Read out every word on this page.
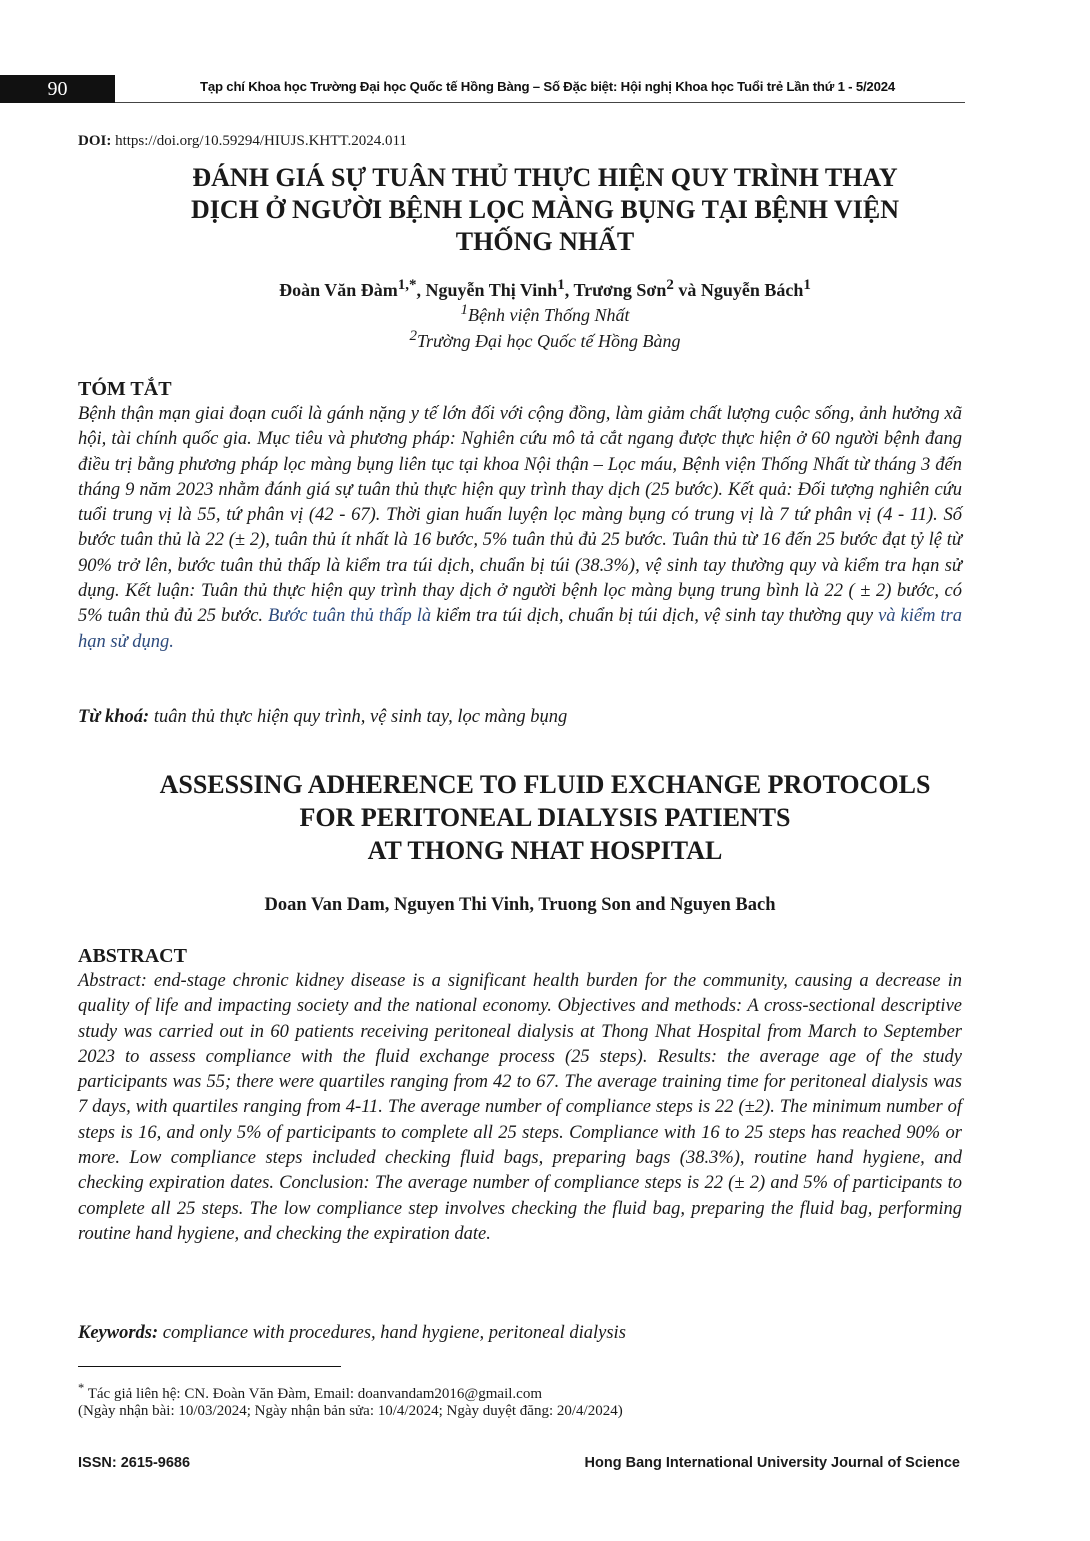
90	Tạp chí Khoa học Trường Đại học Quốc tế Hồng Bàng – Số Đặc biệt: Hội nghị Khoa học Tuổi trẻ Lần thứ 1 - 5/2024
DOI: https://doi.org/10.59294/HIUJS.KHTT.2024.011
ĐÁNH GIÁ SỰ TUÂN THỦ THỰC HIỆN QUY TRÌNH THAY
DỊCH Ở NGƯỜI BỆNH LỌC MÀNG BỤNG TẠI BỆNH VIỆN
THỐNG NHẤT
Đoàn Văn Đàm$^{1,*}$, Nguyễn Thị Vinh$^1$, Trương Sơn$^2$ và Nguyễn Bách$^1$
$^1$Bệnh viện Thống Nhất
$^2$Trường Đại học Quốc tế Hồng Bàng
TÓM TẮT
Bệnh thận mạn giai đoạn cuối là gánh nặng y tế lớn đối với cộng đồng, làm giảm chất lượng cuộc sống, ảnh hưởng xã hội, tài chính quốc gia. Mục tiêu và phương pháp: Nghiên cứu mô tả cắt ngang được thực hiện ở 60 người bệnh đang điều trị bằng phương pháp lọc màng bụng liên tục tại khoa Nội thận – Lọc máu, Bệnh viện Thống Nhất từ tháng 3 đến tháng 9 năm 2023 nhằm đánh giá sự tuân thủ thực hiện quy trình thay dịch (25 bước). Kết quả: Đối tượng nghiên cứu tuổi trung vị là 55, tứ phân vị (42 - 67). Thời gian huấn luyện lọc màng bụng có trung vị là 7 tứ phân vị (4 - 11). Số bước tuân thủ là 22 (± 2), tuân thủ ít nhất là 16 bước, 5% tuân thủ đủ 25 bước. Tuân thủ từ 16 đến 25 bước đạt tỷ lệ từ 90% trở lên, bước tuân thủ thấp là kiểm tra túi dịch, chuẩn bị túi (38.3%), vệ sinh tay thường quy và kiểm tra hạn sử dụng. Kết luận: Tuân thủ thực hiện quy trình thay dịch ở người bệnh lọc màng bụng trung bình là 22 ( ± 2) bước, có 5% tuân thủ đủ 25 bước. Bước tuân thủ thấp là kiểm tra túi dịch, chuẩn bị túi dịch, vệ sinh tay thường quy và kiểm tra hạn sử dụng.
Từ khoá: tuân thủ thực hiện quy trình, vệ sinh tay, lọc màng bụng
ASSESSING ADHERENCE TO FLUID EXCHANGE PROTOCOLS
FOR PERITONEAL DIALYSIS PATIENTS
AT THONG NHAT HOSPITAL
Doan Van Dam, Nguyen Thi Vinh, Truong Son and Nguyen Bach
ABSTRACT
Abstract: end-stage chronic kidney disease is a significant health burden for the community, causing a decrease in quality of life and impacting society and the national economy. Objectives and methods: A cross-sectional descriptive study was carried out in 60 patients receiving peritoneal dialysis at Thong Nhat Hospital from March to September 2023 to assess compliance with the fluid exchange process (25 steps). Results: the average age of the study participants was 55; there were quartiles ranging from 42 to 67. The average training time for peritoneal dialysis was 7 days, with quartiles ranging from 4-11. The average number of compliance steps is 22 (±2). The minimum number of steps is 16, and only 5% of participants to complete all 25 steps. Compliance with 16 to 25 steps has reached 90% or more. Low compliance steps included checking fluid bags, preparing bags (38.3%), routine hand hygiene, and checking expiration dates. Conclusion: The average number of compliance steps is 22 (± 2) and 5% of participants to complete all 25 steps. The low compliance step involves checking the fluid bag, preparing the fluid bag, performing routine hand hygiene, and checking the expiration date.
Keywords: compliance with procedures, hand hygiene, peritoneal dialysis
* Tác giả liên hệ: CN. Đoàn Văn Đàm, Email: doanvandam2016@gmail.com
(Ngày nhận bài: 10/03/2024; Ngày nhận bản sửa: 10/4/2024; Ngày duyệt đăng: 20/4/2024)
ISSN: 2615-9686	Hong Bang International University Journal of Science
